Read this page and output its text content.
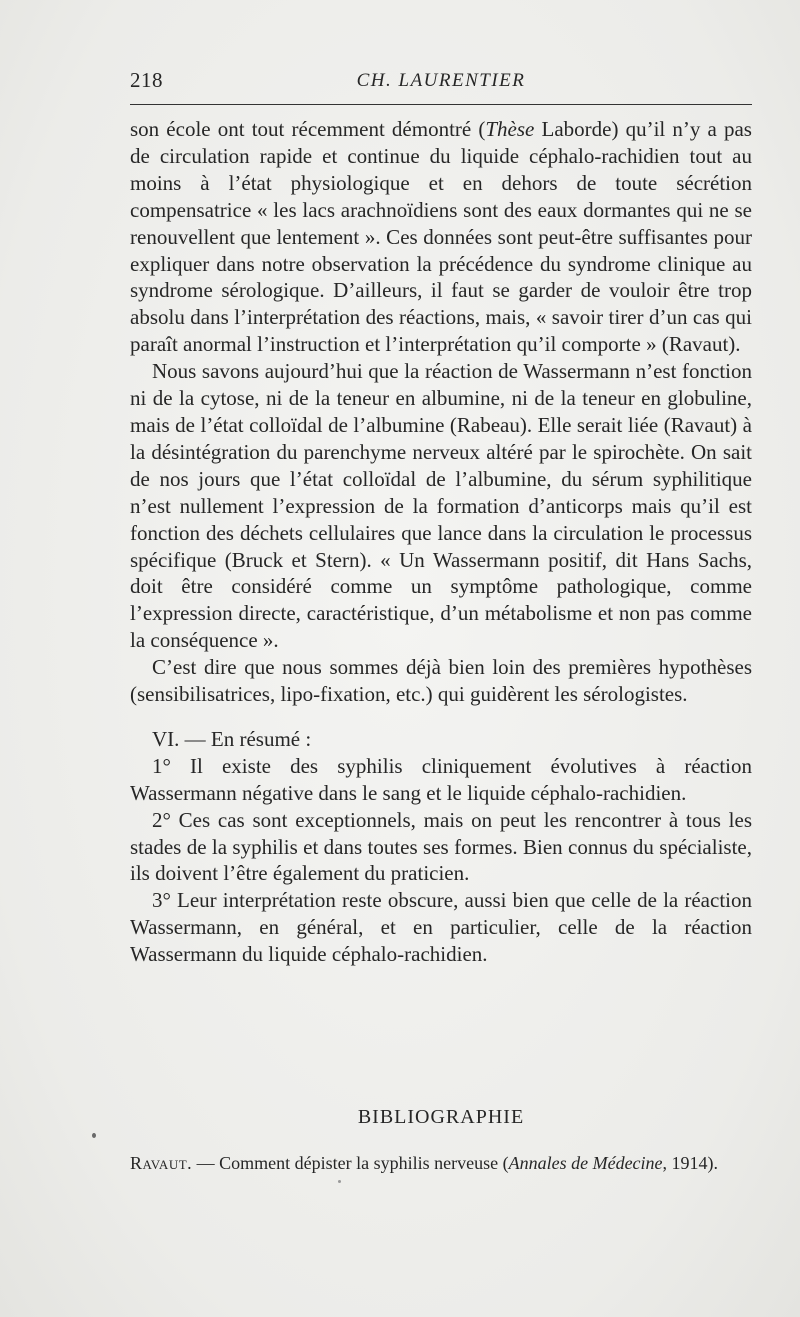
218	CH. LAURENTIER

son école ont tout récemment démontré (Thèse Laborde) qu’il n’y a pas de circulation rapide et continue du liquide céphalo-rachidien tout au moins à l’état physiologique et en dehors de toute sécrétion compensatrice « les lacs arachnoïdiens sont des eaux dormantes qui ne se renouvellent que lentement ». Ces données sont peut-être suffisantes pour expliquer dans notre observation la précédence du syndrome clinique au syndrome sérologique. D’ailleurs, il faut se garder de vouloir être trop absolu dans l’interprétation des réactions, mais, « savoir tirer d’un cas qui paraît anormal l’instruction et l’interprétation qu’il comporte » (Ravaut).

Nous savons aujourd’hui que la réaction de Wassermann n’est fonction ni de la cytose, ni de la teneur en albumine, ni de la teneur en globuline, mais de l’état colloïdal de l’albumine (Rabeau). Elle serait liée (Ravaut) à la désintégration du parenchyme nerveux altéré par le spirochète. On sait de nos jours que l’état colloïdal de l’albumine, du sérum syphilitique n’est nullement l’expression de la formation d’anticorps mais qu’il est fonction des déchets cellulaires que lance dans la circulation le processus spécifique (Bruck et Stern). « Un Wassermann positif, dit Hans Sachs, doit être considéré comme un symptôme pathologique, comme l’expression directe, caractéristique, d’un métabolisme et non pas comme la conséquence ».

C’est dire que nous sommes déjà bien loin des premières hypothèses (sensibilisatrices, lipo-fixation, etc.) qui guidèrent les sérologistes.

VI. — En résumé :

1° Il existe des syphilis cliniquement évolutives à réaction Wassermann négative dans le sang et le liquide céphalo-rachidien.

2° Ces cas sont exceptionnels, mais on peut les rencontrer à tous les stades de la syphilis et dans toutes ses formes. Bien connus du spécialiste, ils doivent l’être également du praticien.

3° Leur interprétation reste obscure, aussi bien que celle de la réaction Wassermann, en général, et en particulier, celle de la réaction Wassermann du liquide céphalo-rachidien.

BIBLIOGRAPHIE
Ravaut. — Comment dépister la syphilis nerveuse (Annales de Médecine, 1914).
